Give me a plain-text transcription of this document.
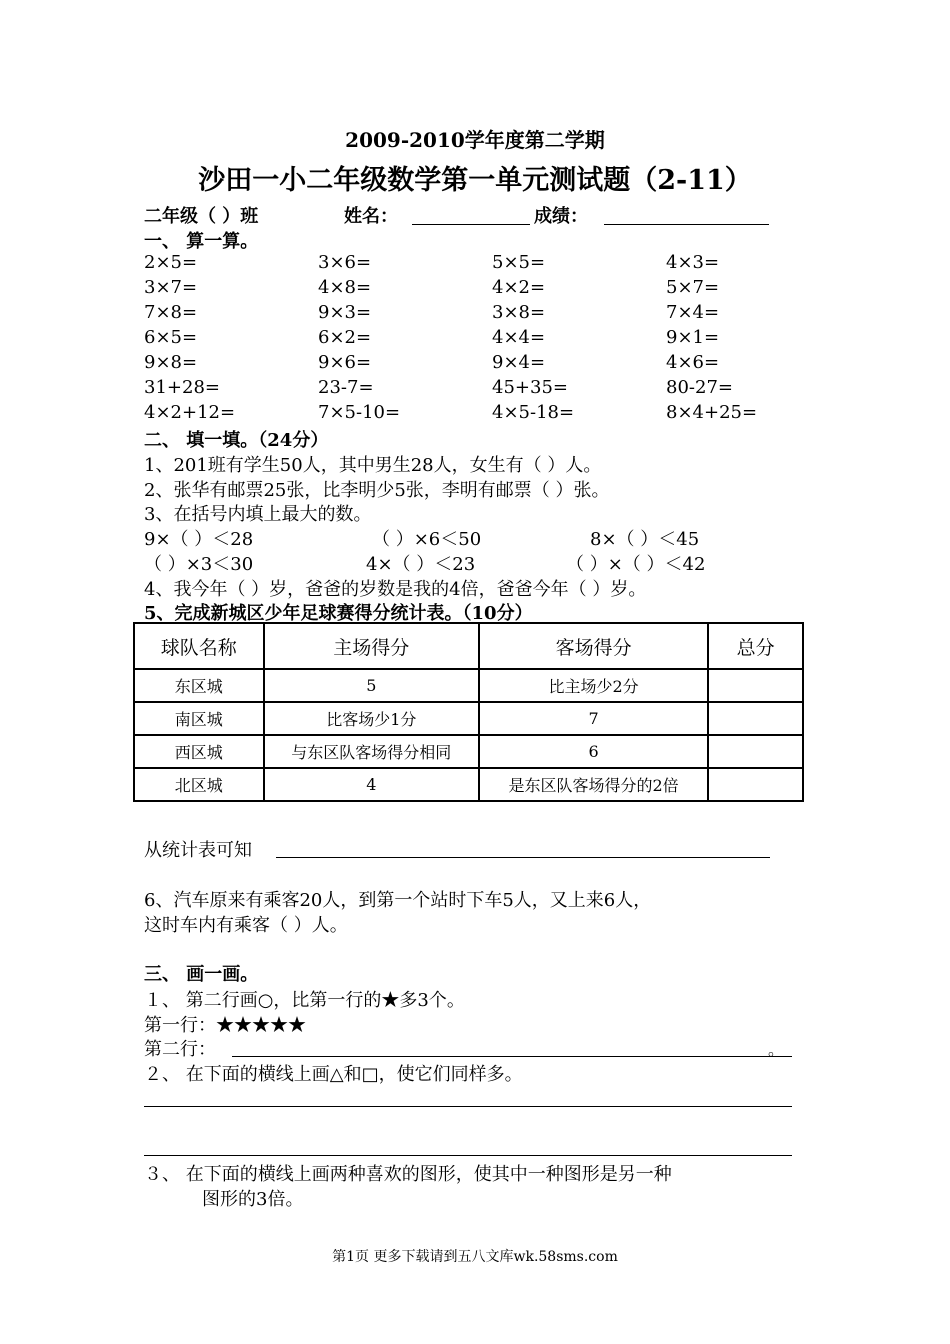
2009-2010学年度第二学期
沙田一小二年级数学第一单元测试题（2-11）
二年级（ ）班	姓名：	成绩：
一、 算一算。
2×5=	3×6=	5×5=	4×3=
3×7=	4×8=	4×2=	5×7=
7×8=	9×3=	3×8=	7×4=
6×5=	6×2=	4×4=	9×1=
9×8=	9×6=	9×4=	4×6=
31+28=	23-7=	45+35=	80-27=
4×2+12=	7×5-10=	4×5-18=	8×4+25=
二、 填一填。（24分）
1、201班有学生50人，其中男生28人，女生有（ ）人。
2、张华有邮票25张，比李明少5张，李明有邮票（ ）张。
3、在括号内填上最大的数。
9×（ ）＜28	（ ）×6＜50	8×（ ）＜45
（ ）×3＜30	4×（ ）＜23	（ ）×（ ）＜42
4、我今年（ ）岁，爸爸的岁数是我的4倍，爸爸今年（ ）岁。
5、完成新城区少年足球赛得分统计表。（10分）
球队名称	主场得分	客场得分	总分
东区城	5	比主场少2分	
南区城	比客场少1分	7	
西区城	与东区队客场得分相同	6	
北区城	4	是东区队客场得分的2倍	
从统计表可知
6、汽车原来有乘客20人，到第一个站时下车5人，又上来6人，
这时车内有乘客（ ）人。
三、 画一画。
１、 第二行画○，比第一行的★多3个。
第一行：★★★★★
第二行：	。
２、 在下面的横线上画△和□，使它们同样多。
３、 在下面的横线上画两种喜欢的图形，使其中一种图形是另一种
图形的3倍。
第1页 更多下载请到五八文库wk.58sms.com
